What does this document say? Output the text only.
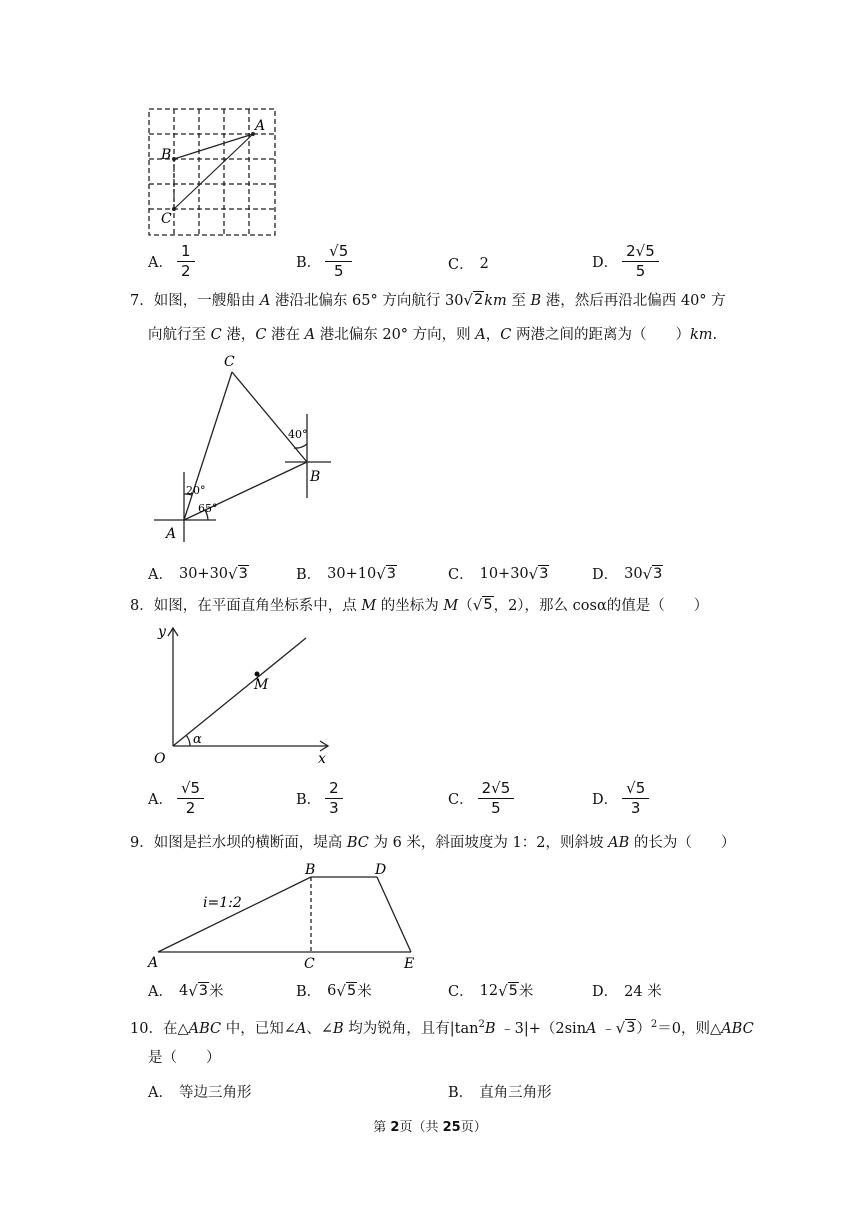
A
B
C
A． $\frac{1}{2}$	B． $\frac{√5}{5}$	C． 2	D． $\frac{2√5}{5}$
7．如图，一艘船由 A 港沿北偏东 65° 方向航行 30 √ 2 km 至 B 港，然后再沿北偏西 40° 方
向航行至 C 港，C 港在 A 港北偏东 20° 方向，则 A，C 两港之间的距离为（　　）km.
C
B
A
40°
20°
65°
A． 30+30 √ 3	B． 30+10 √ 3	C． 10+30 √ 3	D． 30 √ 3
8．如图，在平面直角坐标系中，点 M 的坐标为 M（ √ 5 ，2），那么 cosα的值是（　　）
y
x
O
M
α
A． $\frac{√5}{2}$	B． $\frac{2}{3}$	C． $\frac{2√5}{5}$	D． $\frac{√5}{3}$
9．如图是拦水坝的横断面，堤高 BC 为 6 米，斜面坡度为 1：2，则斜坡 AB 的长为（　　）
B	D
A	C	E
i=1:2
A． 4 √ 3 米	B． 6 √ 5 米	C． 12 √ 5 米	D． 24 米
10．在△ABC 中，已知∠A、∠B 均为锐角，且有$|\tan^2B$ ﹣3|+（2sinA ﹣ √ 3 ）$^2$＝0，则△ABC
是（　　）
A． 等边三角形	B． 直角三角形
第 2页（共 25页）
